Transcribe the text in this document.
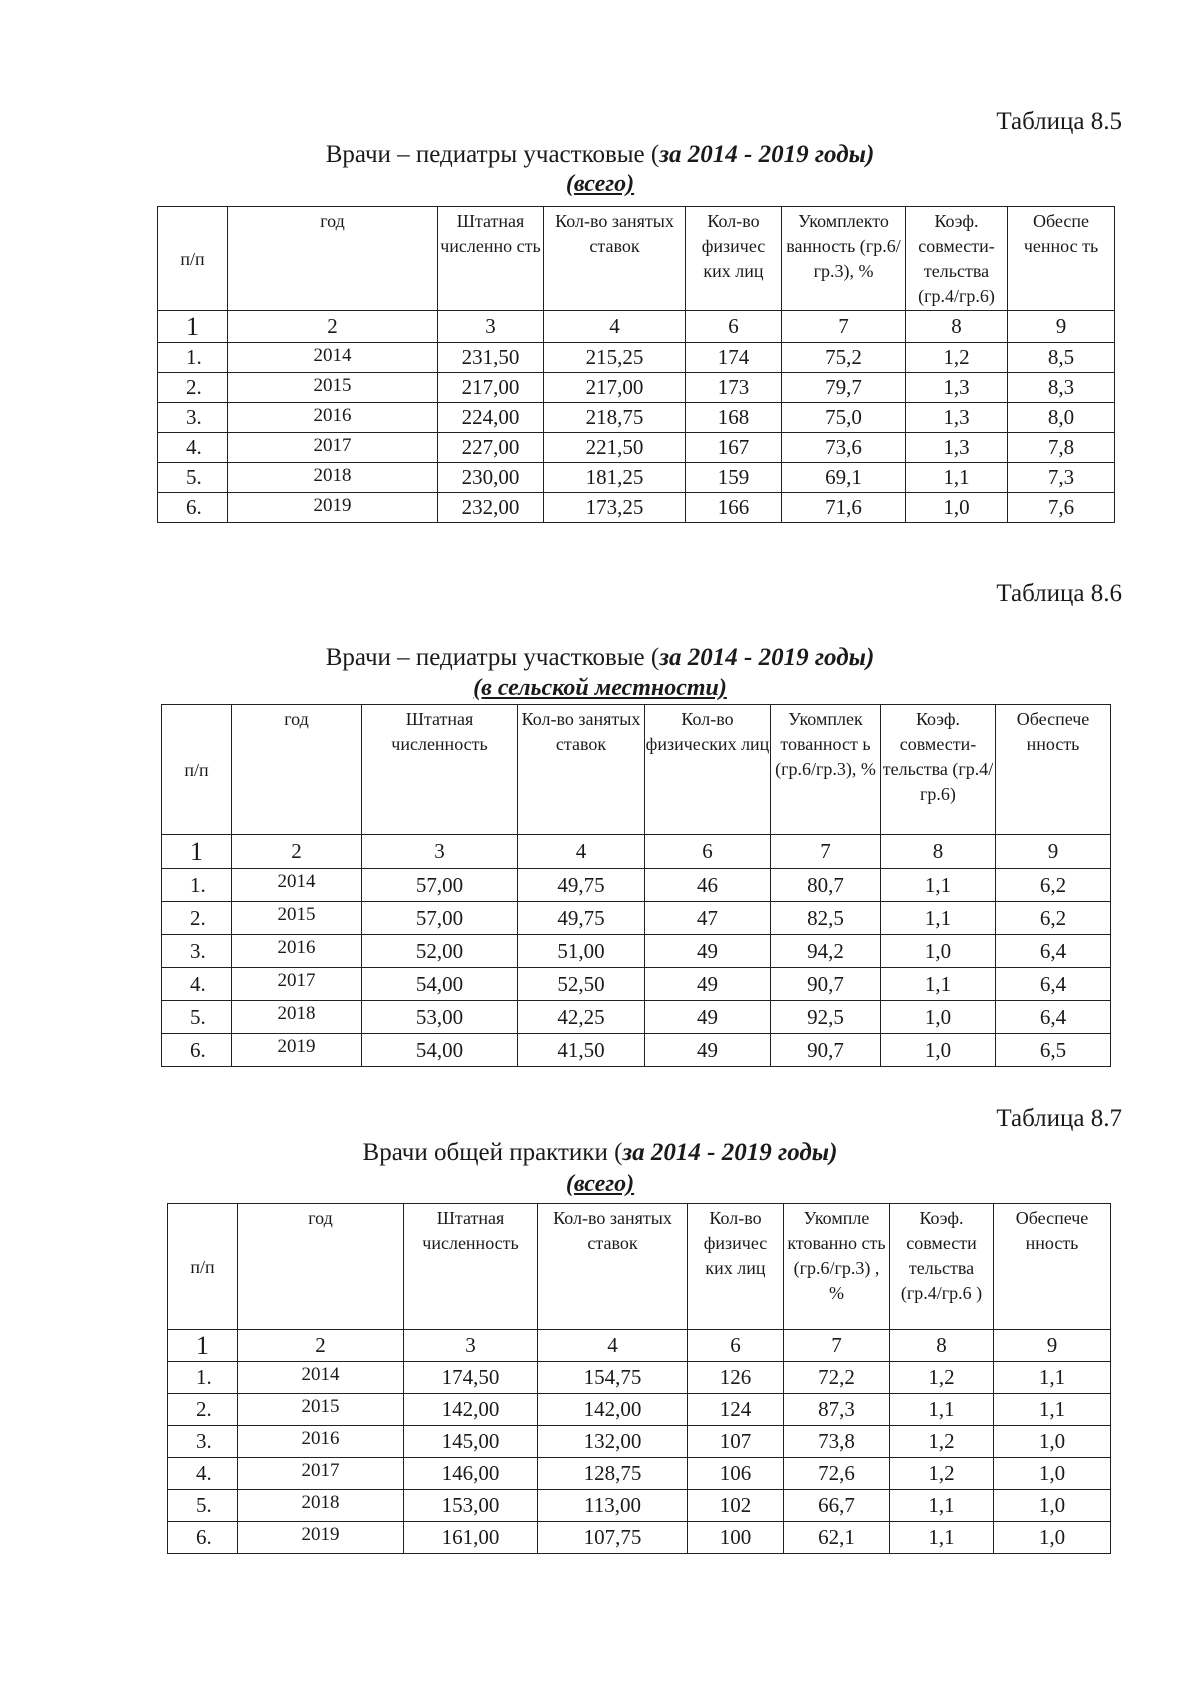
Таблица 8.5
Врачи – педиатры участковые (за 2014 - 2019 годы)
(всего)
п/п	год	Штатная численно сть	Кол-во занятых ставок	Кол-во физичес ких лиц	Укомплекто ванность (гр.6/гр.3), %	Коэф. совмести- тельства (гр.4/гр.6)	Обеспе ченнос ть
1	2	3	4	6	7	8	9
1.	2014	231,50	215,25	174	75,2	1,2	8,5
2.	2015	217,00	217,00	173	79,7	1,3	8,3
3.	2016	224,00	218,75	168	75,0	1,3	8,0
4.	2017	227,00	221,50	167	73,6	1,3	7,8
5.	2018	230,00	181,25	159	69,1	1,1	7,3
6.	2019	232,00	173,25	166	71,6	1,0	7,6
Таблица 8.6
Врачи – педиатры участковые (за 2014 - 2019 годы)
(в сельской местности)
п/п	год	Штатная численность	Кол-во занятых ставок	Кол-во физических лиц	Укомплек тованност ь (гр.6/гр.3), %	Коэф. совмести- тельства (гр.4/гр.6)	Обеспече нность
1	2	3	4	6	7	8	9
1.	2014	57,00	49,75	46	80,7	1,1	6,2
2.	2015	57,00	49,75	47	82,5	1,1	6,2
3.	2016	52,00	51,00	49	94,2	1,0	6,4
4.	2017	54,00	52,50	49	90,7	1,1	6,4
5.	2018	53,00	42,25	49	92,5	1,0	6,4
6.	2019	54,00	41,50	49	90,7	1,0	6,5
Таблица 8.7
Врачи общей практики (за 2014 - 2019 годы)
(всего)
п/п	год	Штатная численность	Кол-во занятых ставок	Кол-во физичес ких лиц	Укомпле ктованно сть (гр.6/гр.3) , %	Коэф. совмести тельства (гр.4/гр.6 )	Обеспече нность
1	2	3	4	6	7	8	9
1.	2014	174,50	154,75	126	72,2	1,2	1,1
2.	2015	142,00	142,00	124	87,3	1,1	1,1
3.	2016	145,00	132,00	107	73,8	1,2	1,0
4.	2017	146,00	128,75	106	72,6	1,2	1,0
5.	2018	153,00	113,00	102	66,7	1,1	1,0
6.	2019	161,00	107,75	100	62,1	1,1	1,0
